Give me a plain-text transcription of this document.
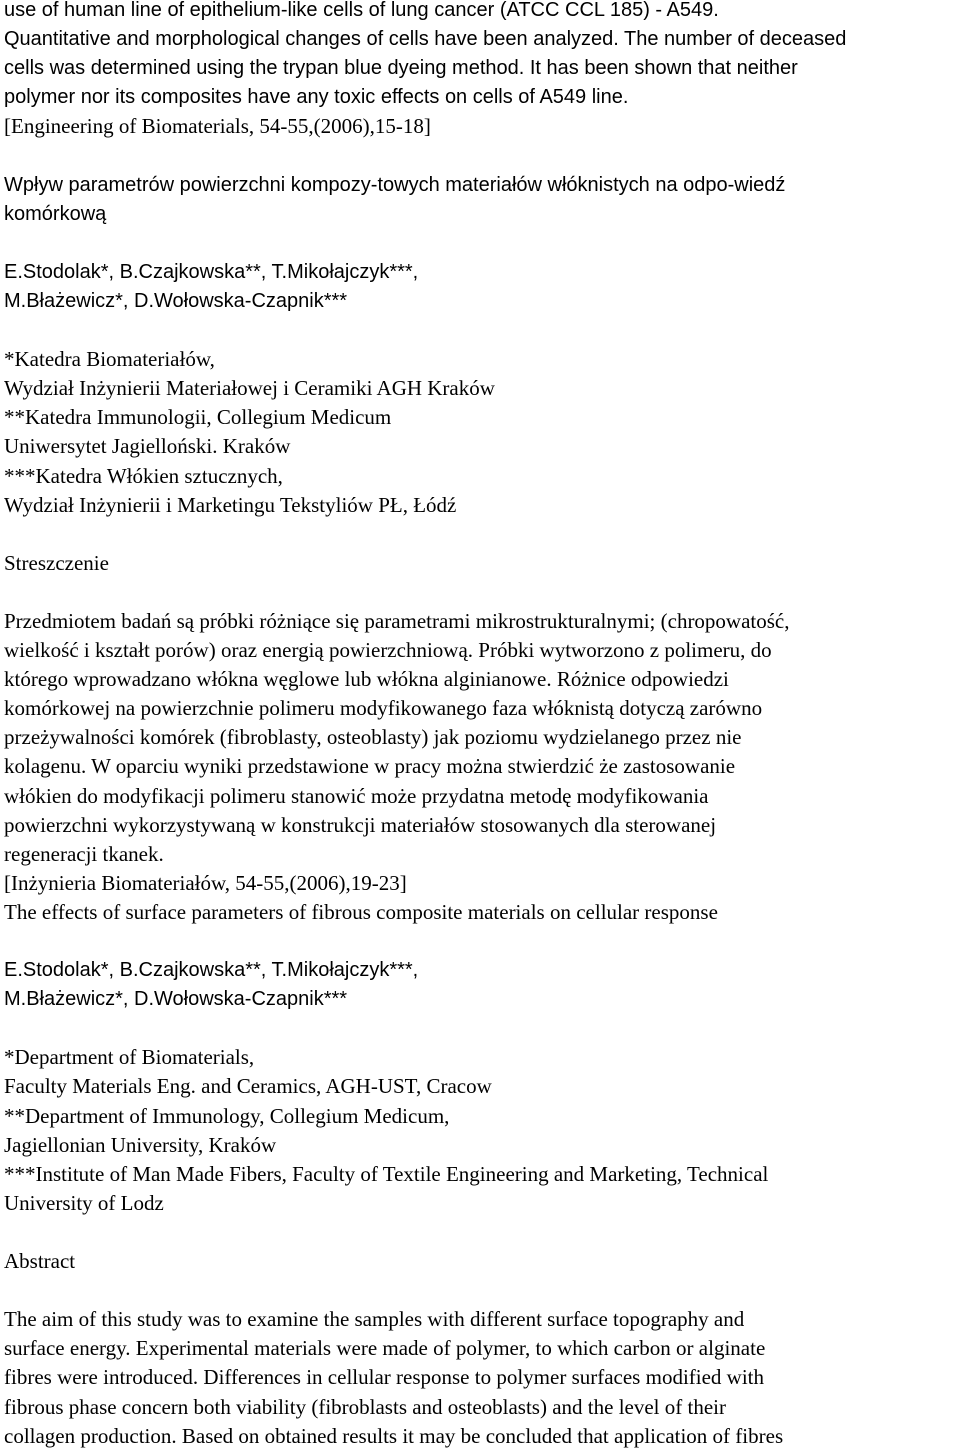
use of human line of epithelium-like cells of lung cancer (ATCC CCL 185) - A549.
Quantitative and morphological changes of cells have been analyzed. The number of deceased
cells was determined using the trypan blue dyeing method. It has been shown that neither
polymer nor its composites have any toxic effects on cells of A549 line.
[Engineering of Biomaterials, 54-55,(2006),15-18]
Wpływ parametrów powierzchni kompozy-towych materiałów włóknistych na odpo-wiedź
komórkową
E.Stodolak*, B.Czajkowska**, T.Mikołajczyk***,
M.Błażewicz*, D.Wołowska-Czapnik***
*Katedra Biomateriałów,
Wydział Inżynierii Materiałowej i Ceramiki AGH Kraków
**Katedra Immunologii, Collegium Medicum
Uniwersytet Jagielloński. Kraków
***Katedra Włókien sztucznych,
Wydział Inżynierii i Marketingu Tekstyliów PŁ, Łódź
Streszczenie
Przedmiotem badań są próbki różniące się parametrami mikrostrukturalnymi; (chropowatość,
wielkość i kształt porów) oraz energią powierzchniową. Próbki wytworzono z polimeru, do
którego wprowadzano włókna węglowe lub włókna alginianowe. Różnice odpowiedzi
komórkowej na powierzchnie polimeru modyfikowanego faza włóknistą dotyczą zarówno
przeżywalności komórek (fibroblasty, osteoblasty) jak poziomu wydzielanego przez nie
kolagenu. W oparciu wyniki przedstawione w pracy można stwierdzić że zastosowanie
włókien do modyfikacji polimeru stanowić może przydatna metodę modyfikowania
powierzchni wykorzystywaną w konstrukcji materiałów stosowanych dla sterowanej
regeneracji tkanek.
[Inżynieria Biomateriałów, 54-55,(2006),19-23]
The effects of surface parameters of fibrous composite materials on cellular response
E.Stodolak*, B.Czajkowska**, T.Mikołajczyk***,
M.Błażewicz*, D.Wołowska-Czapnik***
*Department of Biomaterials,
Faculty Materials Eng. and Ceramics, AGH-UST, Cracow
**Department of Immunology, Collegium Medicum,
Jagiellonian University, Kraków
***Institute of Man Made Fibers, Faculty of Textile Engineering and Marketing, Technical
University of Lodz
Abstract
The aim of this study was to examine the samples with different surface topography and
surface energy. Experimental materials were made of polymer, to which carbon or alginate
fibres were introduced. Differences in cellular response to polymer surfaces modified with
fibrous phase concern both viability (fibroblasts and osteoblasts) and the level of their
collagen production. Based on obtained results it may be concluded that application of fibres
